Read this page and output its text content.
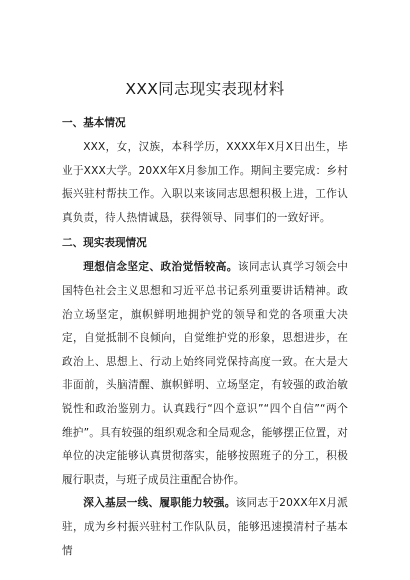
XXX同志现实表现材料
一、基本情况

XXX，女，汉族，本科学历，XXXX年X月X日出生，毕业于XXX大学。20XX年X月参加工作。期间主要完成：乡村振兴驻村帮扶工作。入职以来该同志思想积极上进，工作认真负责，待人热情诚恳，获得领导、同事们的一致好评。

二、现实表现情况

理想信念坚定、政治觉悟较高。该同志认真学习领会中国特色社会主义思想和习近平总书记系列重要讲话精神。政治立场坚定，旗帜鲜明地拥护党的领导和党的各项重大决定，自觉抵制不良倾向，自觉维护党的形象，思想进步，在政治上、思想上、行动上始终同党保持高度一致。在大是大非面前，头脑清醒、旗帜鲜明、立场坚定，有较强的政治敏锐性和政治鉴别力。认真践行“四个意识”“四个自信”“两个维护”。具有较强的组织观念和全局观念，能够摆正位置，对单位的决定能够认真贯彻落实，能够按照班子的分工，积极履行职责，与班子成员注重配合协作。

深入基层一线、履职能力较强。该同志于20XX年X月派驻，成为乡村振兴驻村工作队队员，能够迅速摸清村子基本情
